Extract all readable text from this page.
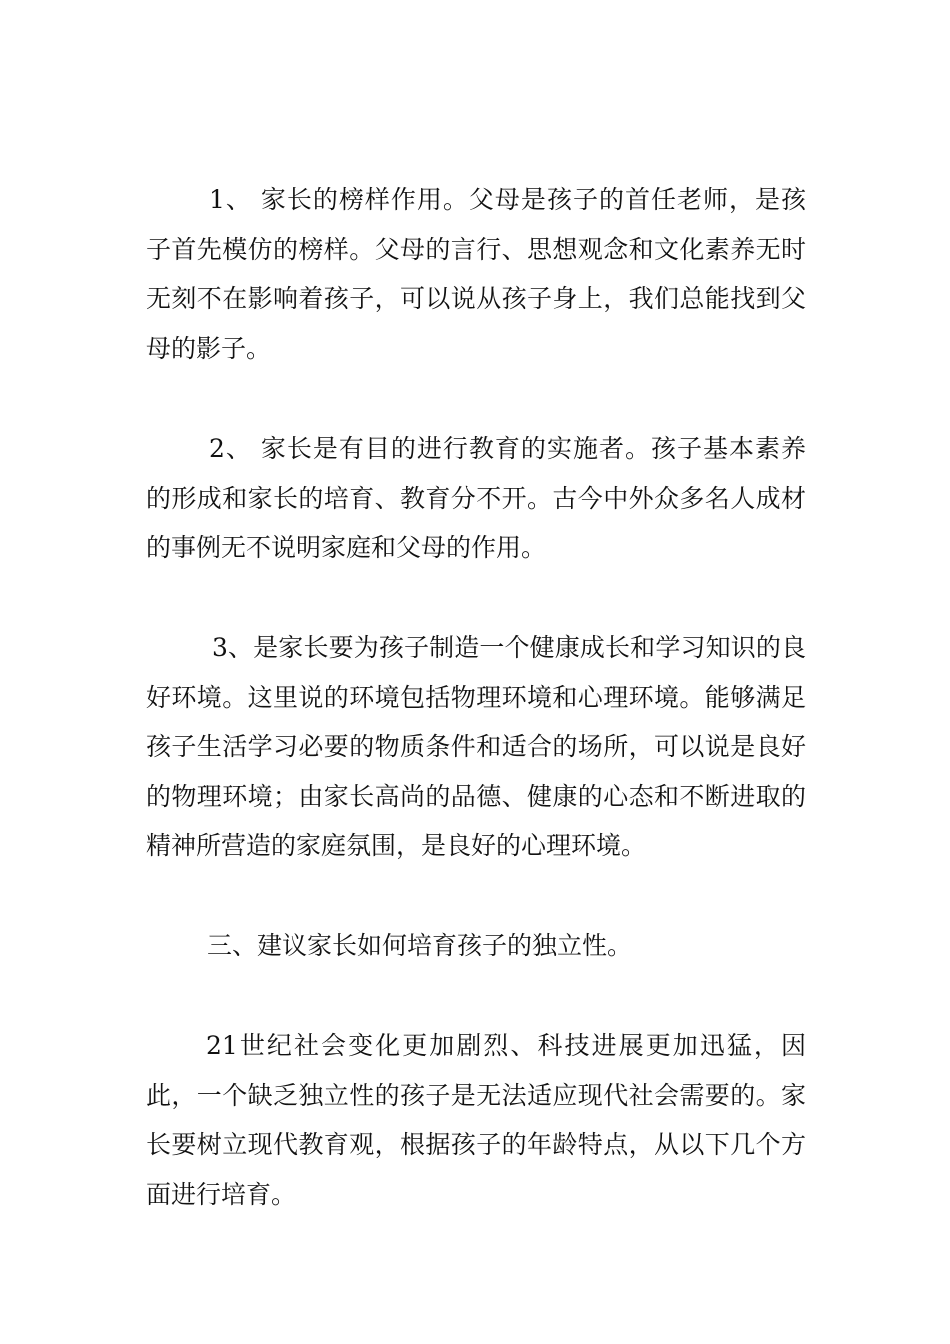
1、 家长的榜样作用。父母是孩子的首任老师，是孩子首先模仿的榜样。父母的言行、思想观念和文化素养无时无刻不在影响着孩子，可以说从孩子身上，我们总能找到父母的影子。

2、 家长是有目的进行教育的实施者。孩子基本素养的形成和家长的培育、教育分不开。古今中外众多名人成材的事例无不说明家庭和父母的作用。

3、是家长要为孩子制造一个健康成长和学习知识的良好环境。这里说的环境包括物理环境和心理环境。能够满足孩子生活学习必要的物质条件和适合的场所，可以说是良好的物理环境；由家长高尚的品德、健康的心态和不断进取的精神所营造的家庭氛围，是良好的心理环境。

三、建议家长如何培育孩子的独立性。

21世纪社会变化更加剧烈、科技进展更加迅猛，因此，一个缺乏独立性的孩子是无法适应现代社会需要的。家长要树立现代教育观，根据孩子的年龄特点，从以下几个方面进行培育。
